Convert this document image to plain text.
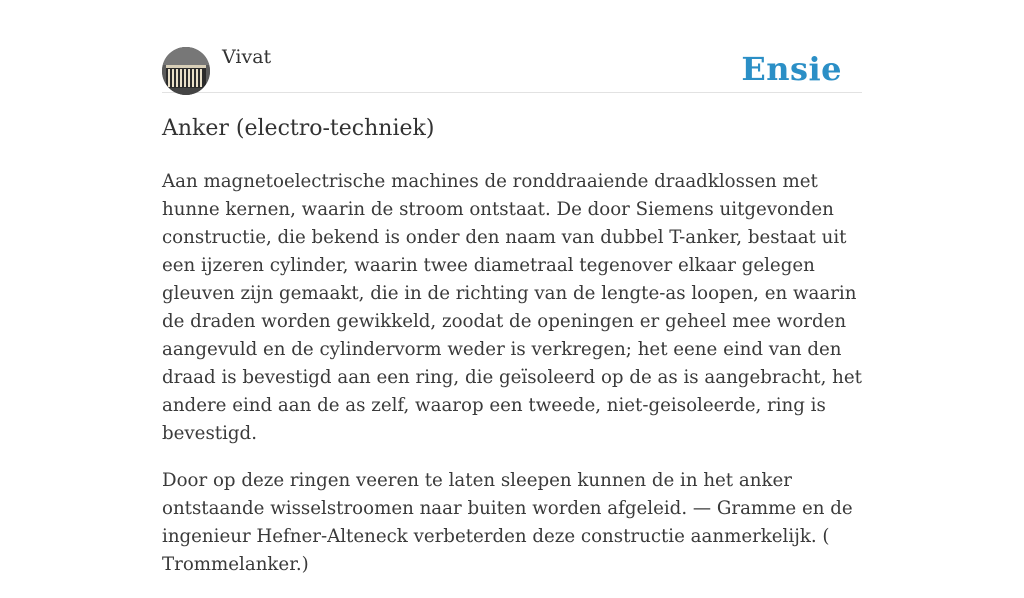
Vivat	Ensie
Anker (electro-techniek)

Aan magnetoelectrische machines de ronddraaiende draadklossen met hunne kernen, waarin de stroom ontstaat. De door Siemens uitgevonden constructie, die bekend is onder den naam van dubbel T-anker, bestaat uit een ijzeren cylinder, waarin twee diametraal tegenover elkaar gelegen gleuven zijn gemaakt, die in de richting van de lengte-as loopen, en waarin de draden worden gewikkeld, zoodat de openingen er geheel mee worden aangevuld en de cylindervorm weder is verkregen; het eene eind van den draad is bevestigd aan een ring, die geïsoleerd op de as is aangebracht, het andere eind aan de as zelf, waarop een tweede, niet-geisoleerde, ring is bevestigd.

Door op deze ringen veeren te laten sleepen kunnen de in het anker ontstaande wisselstroomen naar buiten worden afgeleid. — Gramme en de ingenieur Hefner-Alteneck verbeterden deze constructie aanmerkelijk. ( Trommelanker.)
